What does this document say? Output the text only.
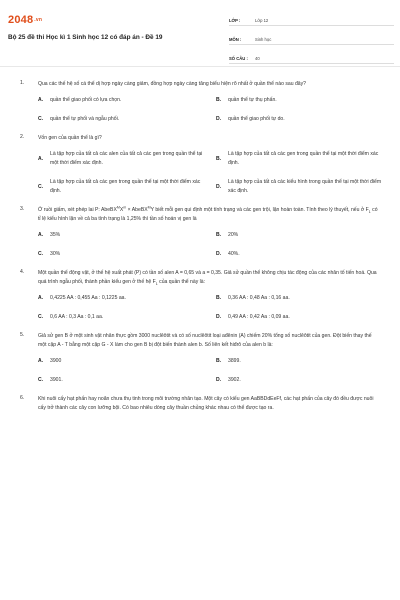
2048.vn
Bộ 25 đề thi Học kì 1 Sinh học 12 có đáp án - Đề 19
LỚP :	Lớp 12
MÔN :	Sinh học
SỐ CÂU :	40
1.	Qua các thế hệ số cá thể dị hợp ngày càng giảm, đồng hợp ngày càng tăng biểu hiện rõ nhất ở quần thể nào sau đây?
A.	quần thể giao phối có lựa chọn.	B.	quần thể tự thụ phấn.
C.	quần thể tự phối và ngẫu phối.	D.	quần thể giao phối tự do.
2.	Vốn gen của quần thể là gì?
A.
Là tập hợp của tất cả các alen của tất cả các gen trong quần thể tại một thời điểm xác định.
B.
Là tập hợp của tất cả các gen trong quần thể tại một thời điểm xác định.
C.
Là tập hợp của tất cả các gen trong quần thể tại một thời điểm xác định.
D.
Là tập hợp của tất cả các kiểu hình trong quần thể tại một thời điểm xác định.
3.	Ở ruồi giấm, xét phép lai P: $AbeBX^MX^m$ × AbeBX$^M$Y biết mỗi gen qui định một tính trạng và các gen trội, lặn hoàn toàn. Tính theo lý thuyết, nếu ở $F_1$ có tỉ lệ kiểu hình lặn về cả ba tính trạng là 1,25% thì tần số hoán vị gen là
A.	35%	B.	20%
C.	30%	D.	40%.
4.	Một quần thể động vật, ở thế hệ xuất phát (P) có tần số alen A = 0,65 và a = 0,35. Giả sử quần thể không chịu tác động của các nhân tố tiến hoá. Qua quá trình ngẫu phối, thành phần kiểu gen ở thế hệ $F_1$ của quần thể này là:
A.	0,4225 AA : 0,455 Aa : 0,1225 aa.	B.	0,36 AA : 0,48 Aa : 0,16 aa.
C.	0,6 AA : 0,3 Aa : 0,1 aa.	D.	0,49 AA : 0,42 Aa : 0,09 aa.
5.	Giả sử gen B ở một sinh vật nhân thực gồm 3000 nuclêôtit và có số nuclêôtit loại ađênin (A) chiếm 20% tổng số nuclêôtit của gen. Đột biến thay thế một cặp A - T bằng một cặp G - X làm cho gen B bị đột biến thành alen b. Số liên kết hiđrô của alen b là:
A.	3900	B.	3899.
C.	3901.	D.	3902.
6.	Khi nuôi cấy hạt phấn hay noãn chưa thụ tinh trong môi trường nhân tạo. Một cây có kiểu gen AaBBDdEeFf, các hạt phấn của cây đó đều được nuôi cấy trở thành các cây con lưỡng bội. Có bao nhiêu dòng cây thuần chủng khác nhau có thể được tạo ra.
